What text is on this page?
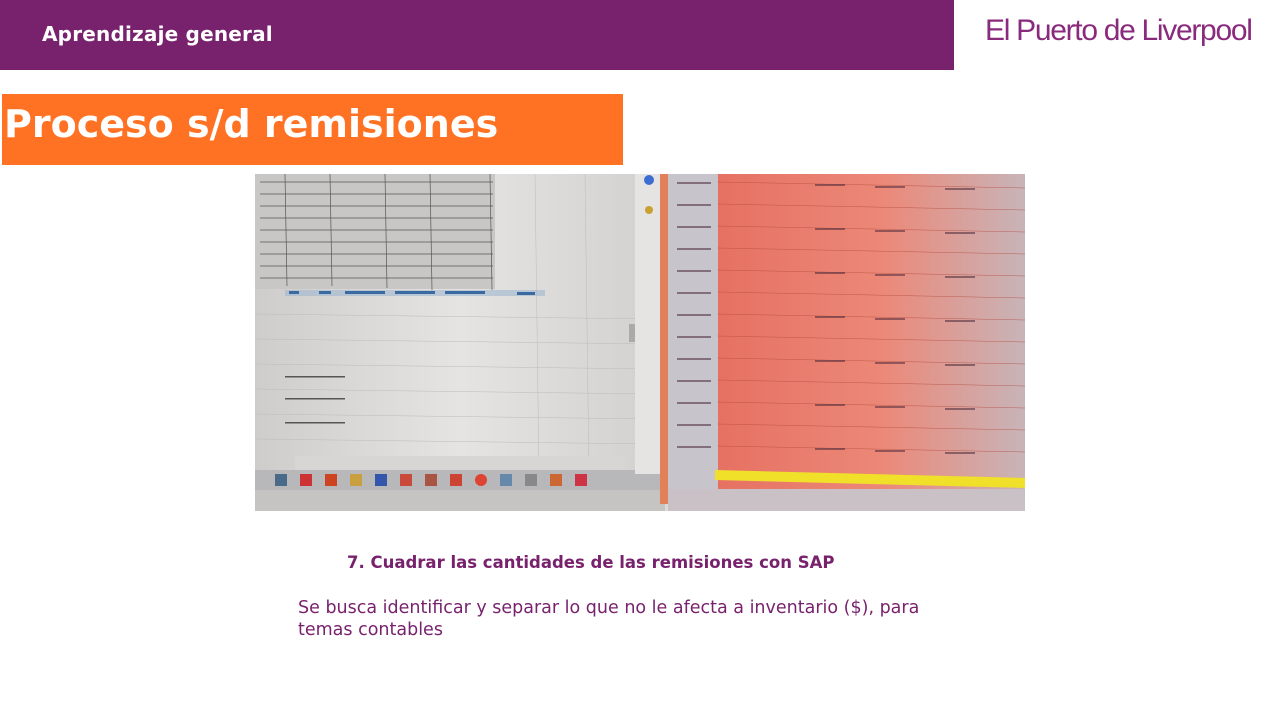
Aprendizaje general	El Puerto de Liverpool
Proceso s/d remisiones
7. Cuadrar las cantidades de las remisiones con SAP
Se busca identificar y separar lo que no le afecta a inventario ($), para temas contables
